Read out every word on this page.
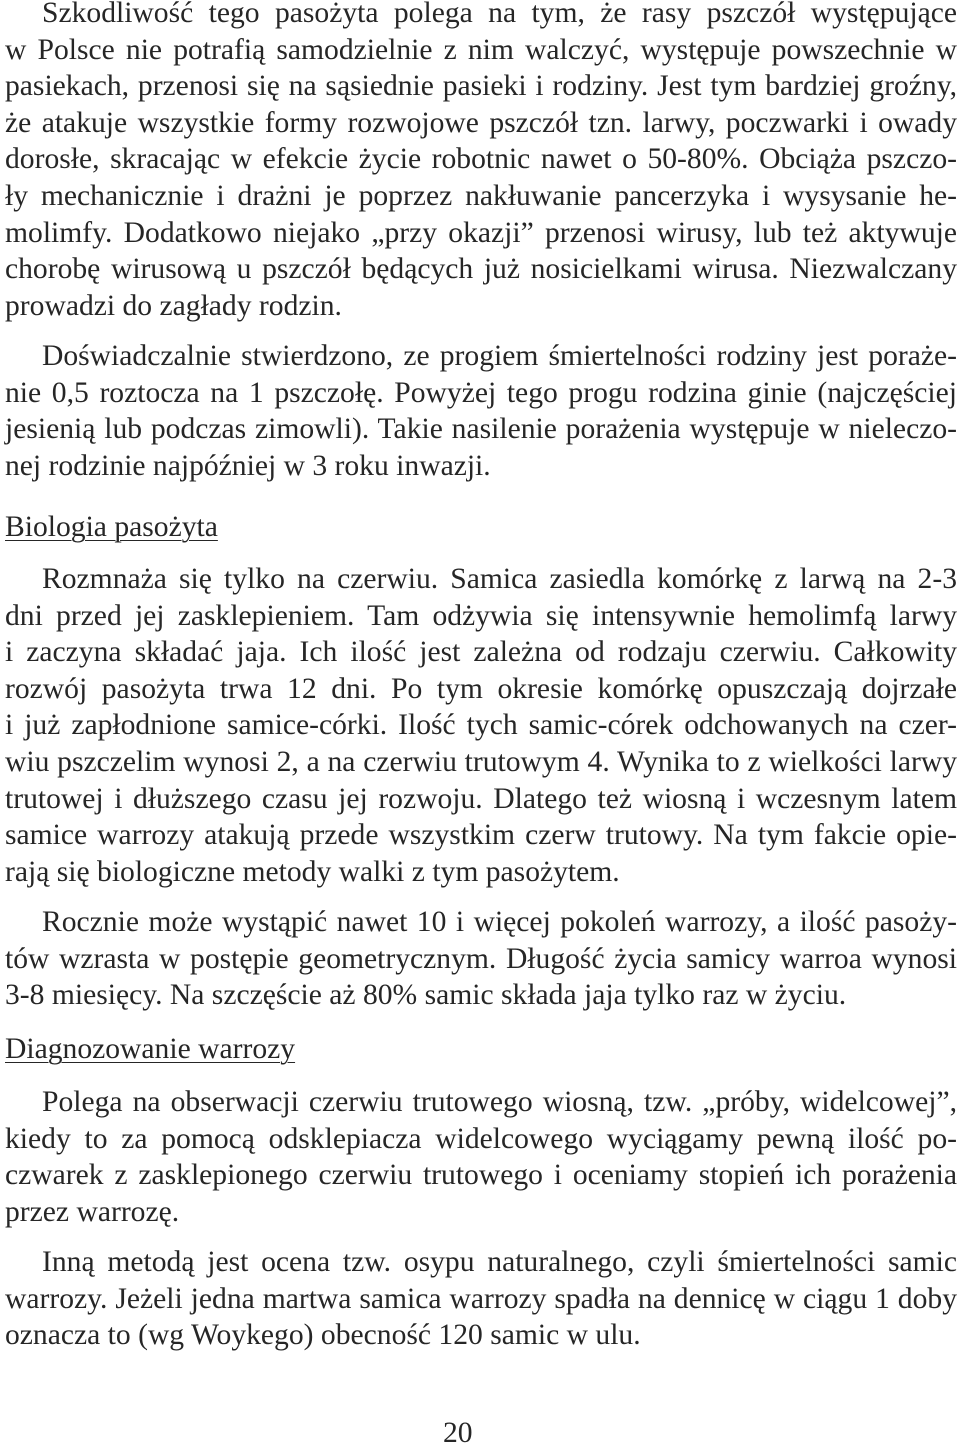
Szkodliwość tego pasożyta polega na tym, że rasy pszczół występujące
w Polsce nie potrafią samodzielnie z nim walczyć, występuje powszechnie w
pasiekach, przenosi się na sąsiednie pasieki i rodziny. Jest tym bardziej groźny,
że atakuje wszystkie formy rozwojowe pszczół tzn. larwy, poczwarki i owady
dorosłe, skracając w efekcie życie robotnic nawet o 50-80%. Obciąża pszczo-
ły mechanicznie i drażni je poprzez nakłuwanie pancerzyka i wysysanie he-
molimfy. Dodatkowo niejako „przy okazji” przenosi wirusy, lub też aktywuje
chorobę wirusową u pszczół będących już nosicielkami wirusa. Niezwalczany
prowadzi do zagłady rodzin.
Doświadczalnie stwierdzono, ze progiem śmiertelności rodziny jest poraże-
nie 0,5 roztocza na 1 pszczołę. Powyżej tego progu rodzina ginie (najczęściej
jesienią lub podczas zimowli). Takie nasilenie porażenia występuje w nieleczo-
nej rodzinie najpóźniej w 3 roku inwazji.
Biologia pasożyta
Rozmnaża się tylko na czerwiu. Samica zasiedla komórkę z larwą na 2-3
dni przed jej zasklepieniem. Tam odżywia się intensywnie hemolimfą larwy
i zaczyna składać jaja. Ich ilość jest zależna od rodzaju czerwiu. Całkowity
rozwój pasożyta trwa 12 dni. Po tym okresie komórkę opuszczają dojrzałe
i już zapłodnione samice-córki. Ilość tych samic-córek odchowanych na czer-
wiu pszczelim wynosi 2, a na czerwiu trutowym 4. Wynika to z wielkości larwy
trutowej i dłuższego czasu jej rozwoju. Dlatego też wiosną i wczesnym latem
samice warrozy atakują przede wszystkim czerw trutowy. Na tym fakcie opie-
rają się biologiczne metody walki z tym pasożytem.
Rocznie może wystąpić nawet 10 i więcej pokoleń warrozy, a ilość pasoży-
tów wzrasta w postępie geometrycznym. Długość życia samicy warroa wynosi
3-8 miesięcy. Na szczęście aż 80% samic składa jaja tylko raz w życiu.
Diagnozowanie warrozy
Polega na obserwacji czerwiu trutowego wiosną, tzw. „próby, widelcowej”,
kiedy to za pomocą odsklepiacza widelcowego wyciągamy pewną ilość po-
czwarek z zasklepionego czerwiu trutowego i oceniamy stopień ich porażenia
przez warrozę.
Inną metodą jest ocena tzw. osypu naturalnego, czyli śmiertelności samic
warrozy. Jeżeli jedna martwa samica warrozy spadła na dennicę w ciągu 1 doby
oznacza to (wg Woykego) obecność 120 samic w ulu.
20
